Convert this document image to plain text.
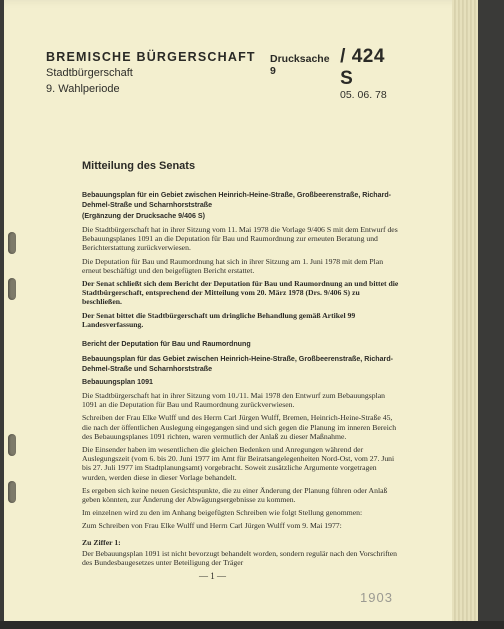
BREMISCHE BÜRGERSCHAFT
Stadtbürgerschaft
9. Wahlperiode
Drucksache 9
/ 424 S
05. 06. 78
Mitteilung des Senats
Bebauungsplan für ein Gebiet zwischen Heinrich-Heine-Straße, Großbeerenstraße, Richard-Dehmel-Straße und Scharnhorststraße
(Ergänzung der Drucksache 9/406 S)
Die Stadtbürgerschaft hat in ihrer Sitzung vom 11. Mai 1978 die Vorlage 9/406 S mit dem Entwurf des Bebauungsplanes 1091 an die Deputation für Bau und Raumordnung zur erneuten Beratung und Berichterstattung zurückverwiesen.
Die Deputation für Bau und Raumordnung hat sich in ihrer Sitzung am 1. Juni 1978 mit dem Plan erneut beschäftigt und den beigefügten Bericht erstattet.
Der Senat schließt sich dem Bericht der Deputation für Bau und Raumordnung an und bittet die Stadtbürgerschaft, entsprechend der Mitteilung vom 20. März 1978 (Drs. 9/406 S) zu beschließen.
Der Senat bittet die Stadtbürgerschaft um dringliche Behandlung gemäß Artikel 99 Landesverfassung.
Bericht der Deputation für Bau und Raumordnung
Bebauungsplan für das Gebiet zwischen Heinrich-Heine-Straße, Großbeerenstraße, Richard-Dehmel-Straße und Scharnhorststraße
Bebauungsplan 1091
Die Stadtbürgerschaft hat in ihrer Sitzung vom 10./11. Mai 1978 den Entwurf zum Bebauungsplan 1091 an die Deputation für Bau und Raumordnung zurückverwiesen.
Schreiben der Frau Elke Wulff und des Herrn Carl Jürgen Wulff, Bremen, Heinrich-Heine-Straße 45, die nach der öffentlichen Auslegung eingegangen sind und sich gegen die Planung im inneren Bereich des Bebauungsplanes 1091 richten, waren vermutlich der Anlaß zu dieser Maßnahme.
Die Einsender haben im wesentlichen die gleichen Bedenken und Anregungen während der Auslegungszeit (vom 6. bis 20. Juni 1977 im Amt für Beiratsangelegenheiten Nord-Ost, vom 27. Juni bis 27. Juli 1977 im Stadtplanungsamt) vorgebracht. Soweit zusätzliche Argumente vorgetragen wurden, werden diese in dieser Vorlage behandelt.
Es ergeben sich keine neuen Gesichtspunkte, die zu einer Änderung der Planung führen oder Anlaß geben könnten, zur Änderung der Abwägungsergebnisse zu kommen.
Im einzelnen wird zu den im Anhang beigefügten Schreiben wie folgt Stellung genommen:
Zum Schreiben von Frau Elke Wulff und Herrn Carl Jürgen Wulff vom 9. Mai 1977:
Zu Ziffer 1:
Der Bebauungsplan 1091 ist nicht bevorzugt behandelt worden, sondern regulär nach den Vorschriften des Bundesbaugesetzes unter Beteiligung der Träger
— 1 —
1903
